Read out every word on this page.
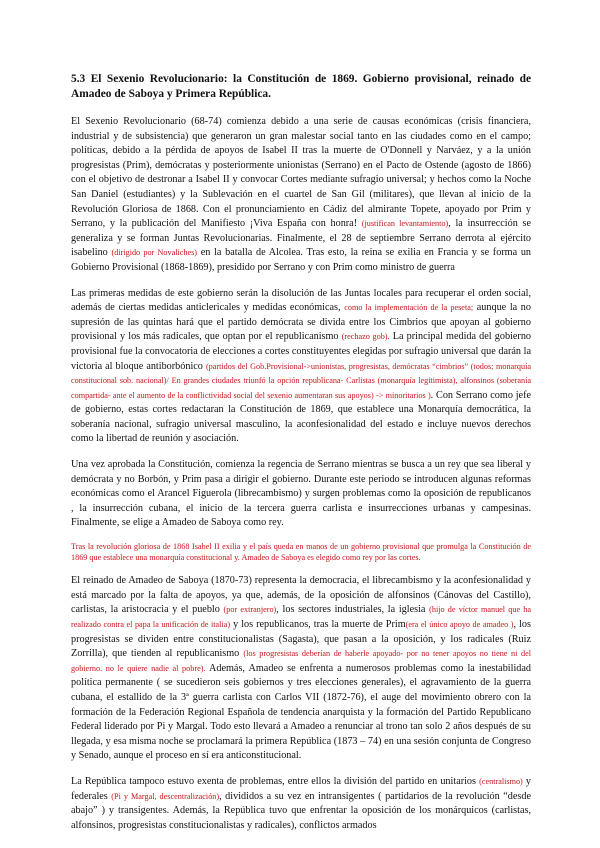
5.3 El Sexenio Revolucionario: la Constitución de 1869. Gobierno provisional, reinado de Amadeo de Saboya y Primera República.

El Sexenio Revolucionario (68-74) comienza debido a una serie de causas económicas (crisis financiera, industrial y de subsistencia) que generaron un gran malestar social tanto en las ciudades como en el campo; políticas, debido a la pérdida de apoyos de Isabel II tras la muerte de O'Donnell y Narváez, y a la unión progresistas (Prim), demócratas y posteriormente unionistas (Serrano) en el Pacto de Ostende (agosto de 1866) con el objetivo de destronar a Isabel II y convocar Cortes mediante sufragio universal; y hechos como la Noche San Daniel (estudiantes) y la Sublevación en el cuartel de San Gil (militares), que llevan al inicio de la Revolución Gloriosa de 1868. Con el pronunciamiento en Cádiz del almirante Topete, apoyado por Prim y Serrano, y la publicación del Manifiesto ¡Viva España con honra! (justifican levantamiento), la insurrección se generaliza y se forman Juntas Revolucionarias. Finalmente, el 28 de septiembre Serrano derrota al ejército isabelino (dirigido por Novaliches) en la batalla de Alcolea. Tras esto, la reina se exilia en Francia y se forma un Gobierno Provisional (1868-1869), presidido por Serrano y con Prim como ministro de guerra

Las primeras medidas de este gobierno serán la disolución de las Juntas locales para recuperar el orden social, además de ciertas medidas anticlericales y medidas económicas, como la implementación de la peseta; aunque la no supresión de las quintas hará que el partido demócrata se divida entre los Cimbrios que apoyan al gobierno provisional y los más radicales, que optan por el republicanismo (rechazo gob). La principal medida del gobierno provisional fue la convocatoria de elecciones a cortes constituyentes elegidas por sufragio universal que darán la victoria al bloque antiborbónico (partidos del Gob.Provisional->unionistas, progresistas, demócratas “cimbrios” (todos; monarquía constitucional sob. nacional)/ En grandes ciudades triunfó la opción republicana- Carlistas (monarquía legitimista), alfonsinos (soberanía compartida- ante el aumento de la conflictividad social del sexenio aumentaran sus apoyos) -> minoritarios ). Con Serrano como jefe de gobierno, estas cortes redactaran la Constitución de 1869, que establece una Monarquía democrática, la soberanía nacional, sufragio universal masculino, la aconfesionalidad del estado e incluye nuevos derechos como la libertad de reunión y asociación.

Una vez aprobada la Constitución, comienza la regencia de Serrano mientras se busca a un rey que sea liberal y demócrata y no Borbón, y Prim pasa a dirigir el gobierno. Durante este periodo se introducen algunas reformas económicas como el Arancel Figuerola (librecambismo) y surgen problemas como la oposición de republicanos , la insurrección cubana, el inicio de la tercera guerra carlista e insurrecciones urbanas y campesinas. Finalmente, se elige a Amadeo de Saboya como rey.

Tras la revolución gloriosa de 1868 Isabel II exilia y el país queda en manos de un gobierno provisional que promulga la Constitución de 1869 que establece una monarquía constitucional y. Amadeo de Saboya es elegido como rey por las cortes.

El reinado de Amadeo de Saboya (1870-73) representa la democracia, el librecambismo y la aconfesionalidad y está marcado por la falta de apoyos, ya que, además, de la oposición de alfonsinos (Cánovas del Castillo), carlistas, la aristocracia y el pueblo (por extranjero), los sectores industriales, la iglesia (hijo de víctor manuel que ha realizado contra el papa la unificación de italia) y los republicanos, tras la muerte de Prim(era el único apoyo de amadeo ), los progresistas se dividen entre constitucionalistas (Sagasta), que pasan a la oposición, y los radicales (Ruiz Zorrilla), que tienden al republicanismo (los progresistas deberían de haberle apoyado- por no tener apoyos no tiene ni del gobierno. no le quiere nadie al pobre). Además, Amadeo se enfrenta a numerosos problemas como la inestabilidad política permanente ( se sucedieron seis gobiernos y tres elecciones generales), el agravamiento de la guerra cubana, el estallido de la 3ª guerra carlista con Carlos VII (1872-76), el auge del movimiento obrero con la formación de la Federación Regional Española de tendencia anarquista y la formación del Partido Republicano Federal liderado por Pi y Margal. Todo esto llevará a Amadeo a renunciar al trono tan solo 2 años después de su llegada, y esa misma noche se proclamará la primera República (1873 – 74) en una sesión conjunta de Congreso y Senado, aunque el proceso en sí era anticonstitucional.

La República tampoco estuvo exenta de problemas, entre ellos la división del partido en unitarios (centralismo) y federales (Pi y Margal, descentralización), divididos a su vez en intransigentes ( partidarios de la revolución “desde abajo” ) y transigentes. Además, la República tuvo que enfrentar la oposición de los monárquicos (carlistas, alfonsinos, progresistas constitucionalistas y radicales), conflictos armados
